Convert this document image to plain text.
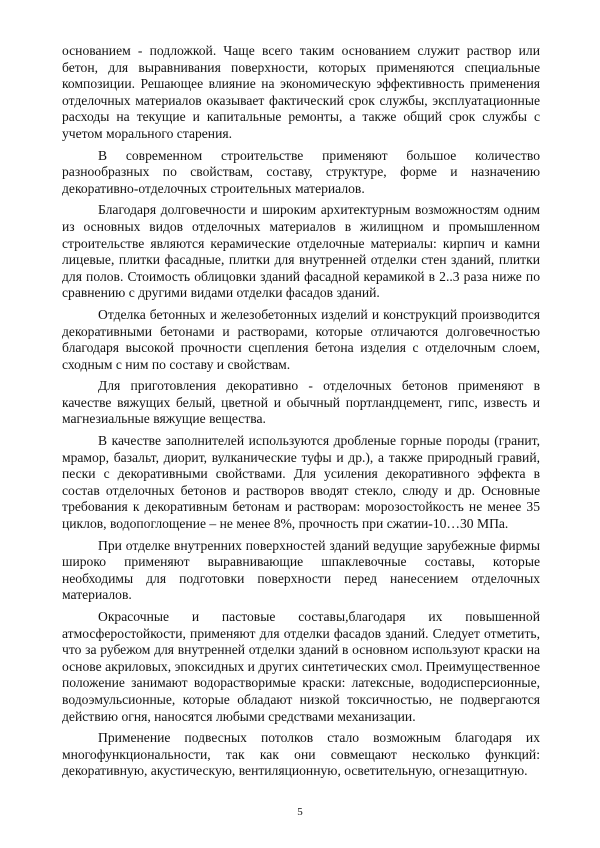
основанием - подложкой. Чаще всего таким основанием служит раствор или бетон, для выравнивания поверхности, которых применяются специальные композиции. Решающее влияние на экономическую эффективность применения отделочных материалов оказывает фактический срок службы, эксплуатационные расходы на текущие и капитальные ремонты, а также общий срок службы с учетом морального старения.

В современном строительстве применяют большое количество разнообразных по свойствам, составу, структуре, форме и назначению декоративно-отделочных строительных материалов.

Благодаря долговечности и широким архитектурным возможностям одним из основных видов отделочных материалов в жилищном и промышленном строительстве являются керамические отделочные материалы: кирпич и камни лицевые, плитки фасадные, плитки для внутренней отделки стен зданий, плитки для полов. Стоимость облицовки зданий фасадной керамикой в 2..3 раза ниже по сравнению с другими видами отделки фасадов зданий.

Отделка бетонных и железобетонных изделий и конструкций производится декоративными бетонами и растворами, которые отличаются долговечностью благодаря высокой прочности сцепления бетона изделия с отделочным слоем, сходным с ним по составу и свойствам.

Для приготовления декоративно - отделочных бетонов применяют в качестве вяжущих белый, цветной и обычный портландцемент, гипс, известь и магнезиальные вяжущие вещества.

В качестве заполнителей используются дробленые горные породы (гранит, мрамор, базальт, диорит, вулканические туфы и др.), а также природный гравий, пески с декоративными свойствами. Для усиления декоративного эффекта в состав отделочных бетонов и растворов вводят стекло, слюду и др. Основные требования к декоративным бетонам и растворам: морозостойкость не менее 35 циклов, водопоглощение – не менее 8%, прочность при сжатии-10…30 МПа.

При отделке внутренних поверхностей зданий ведущие зарубежные фирмы широко применяют выравнивающие шпаклевочные составы, которые необходимы для подготовки поверхности перед нанесением отделочных материалов.

Окрасочные и пастовые составы,благодаря их повышенной атмосферостойкости, применяют для отделки фасадов зданий. Следует отметить, что за рубежом для внутренней отделки зданий в основном используют краски на основе акриловых, эпоксидных и других синтетических смол. Преимущественное положение занимают водорастворимые краски: латексные, вододисперсионные, водоэмульсионные, которые обладают низкой токсичностью, не подвергаются действию огня, наносятся любыми средствами механизации.

Применение подвесных потолков стало возможным благодаря их многофункциональности, так как они совмещают несколько функций: декоративную, акустическую, вентиляционную, осветительную, огнезащитную.

5
